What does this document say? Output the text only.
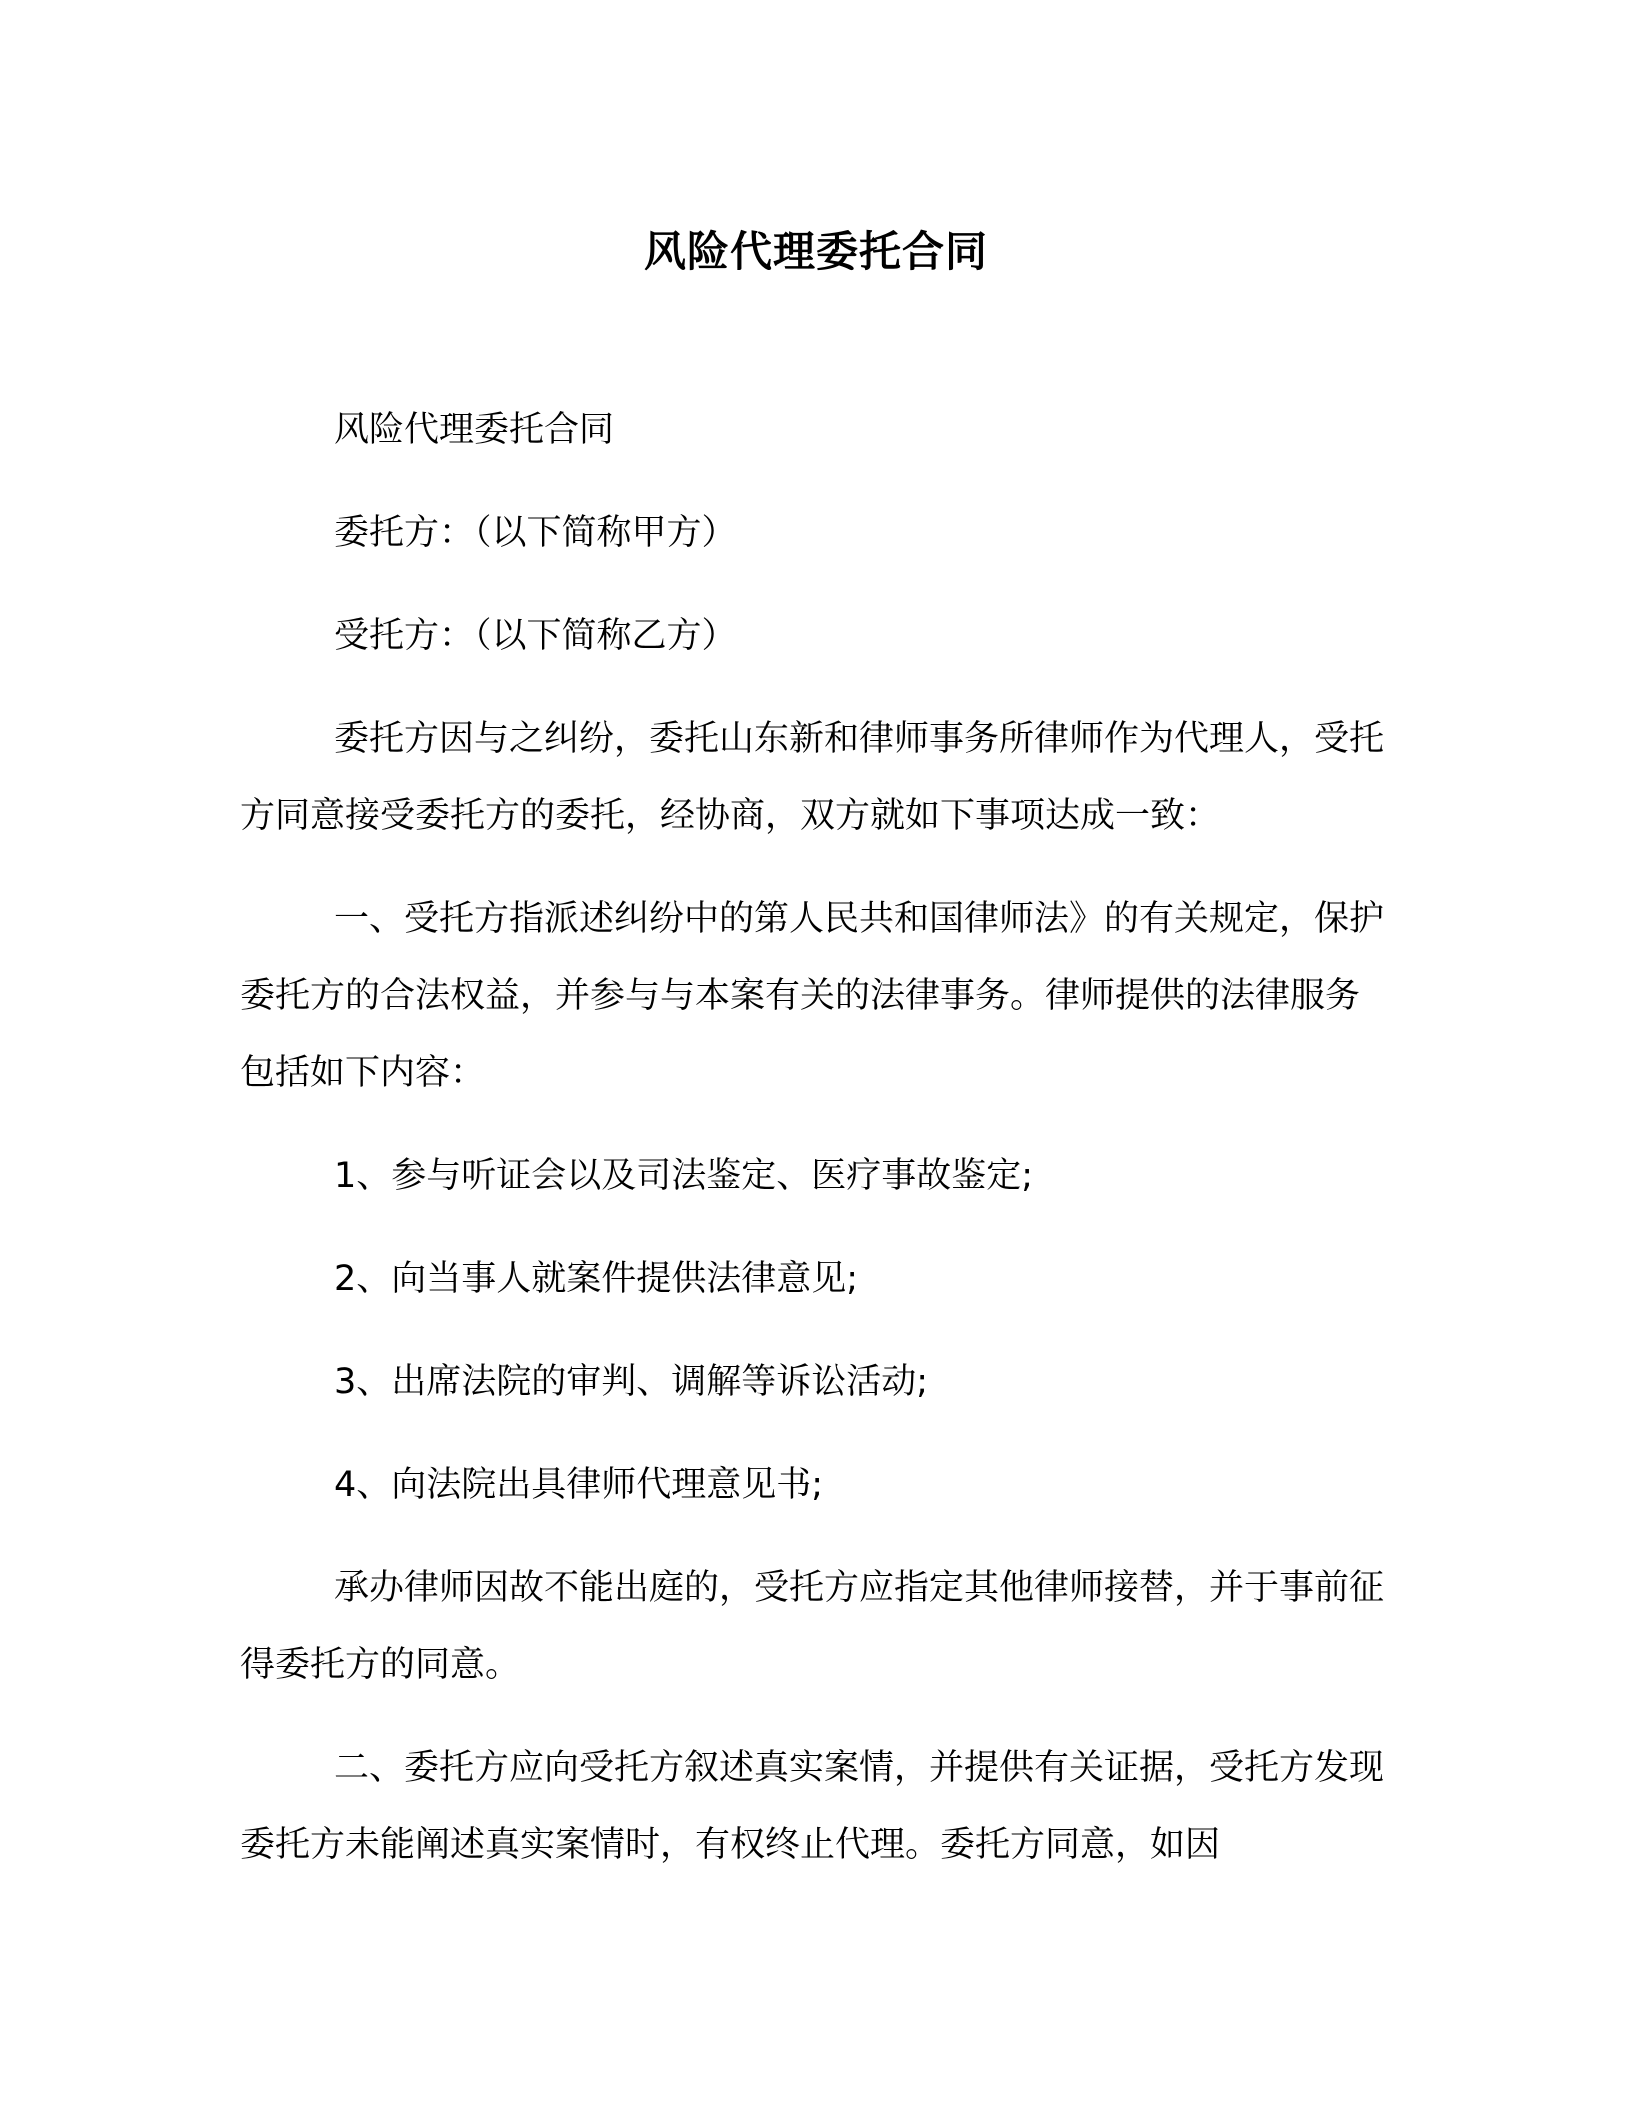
风险代理委托合同

风险代理委托合同

委托方：（以下简称甲方）

受托方：（以下简称乙方）

委托方因与之纠纷，委托山东新和律师事务所律师作为代理人，受托方同意接受委托方的委托，经协商，双方就如下事项达成一致：

一、受托方指派述纠纷中的第人民共和国律师法》的有关规定，保护委托方的合法权益，并参与与本案有关的法律事务。律师提供的法律服务包括如下内容：

1、参与听证会以及司法鉴定、医疗事故鉴定;

2、向当事人就案件提供法律意见;

3、出席法院的审判、调解等诉讼活动;

4、向法院出具律师代理意见书;

承办律师因故不能出庭的，受托方应指定其他律师接替，并于事前征得委托方的同意。

二、委托方应向受托方叙述真实案情，并提供有关证据，受托方发现委托方未能阐述真实案情时，有权终止代理。委托方同意，如因
